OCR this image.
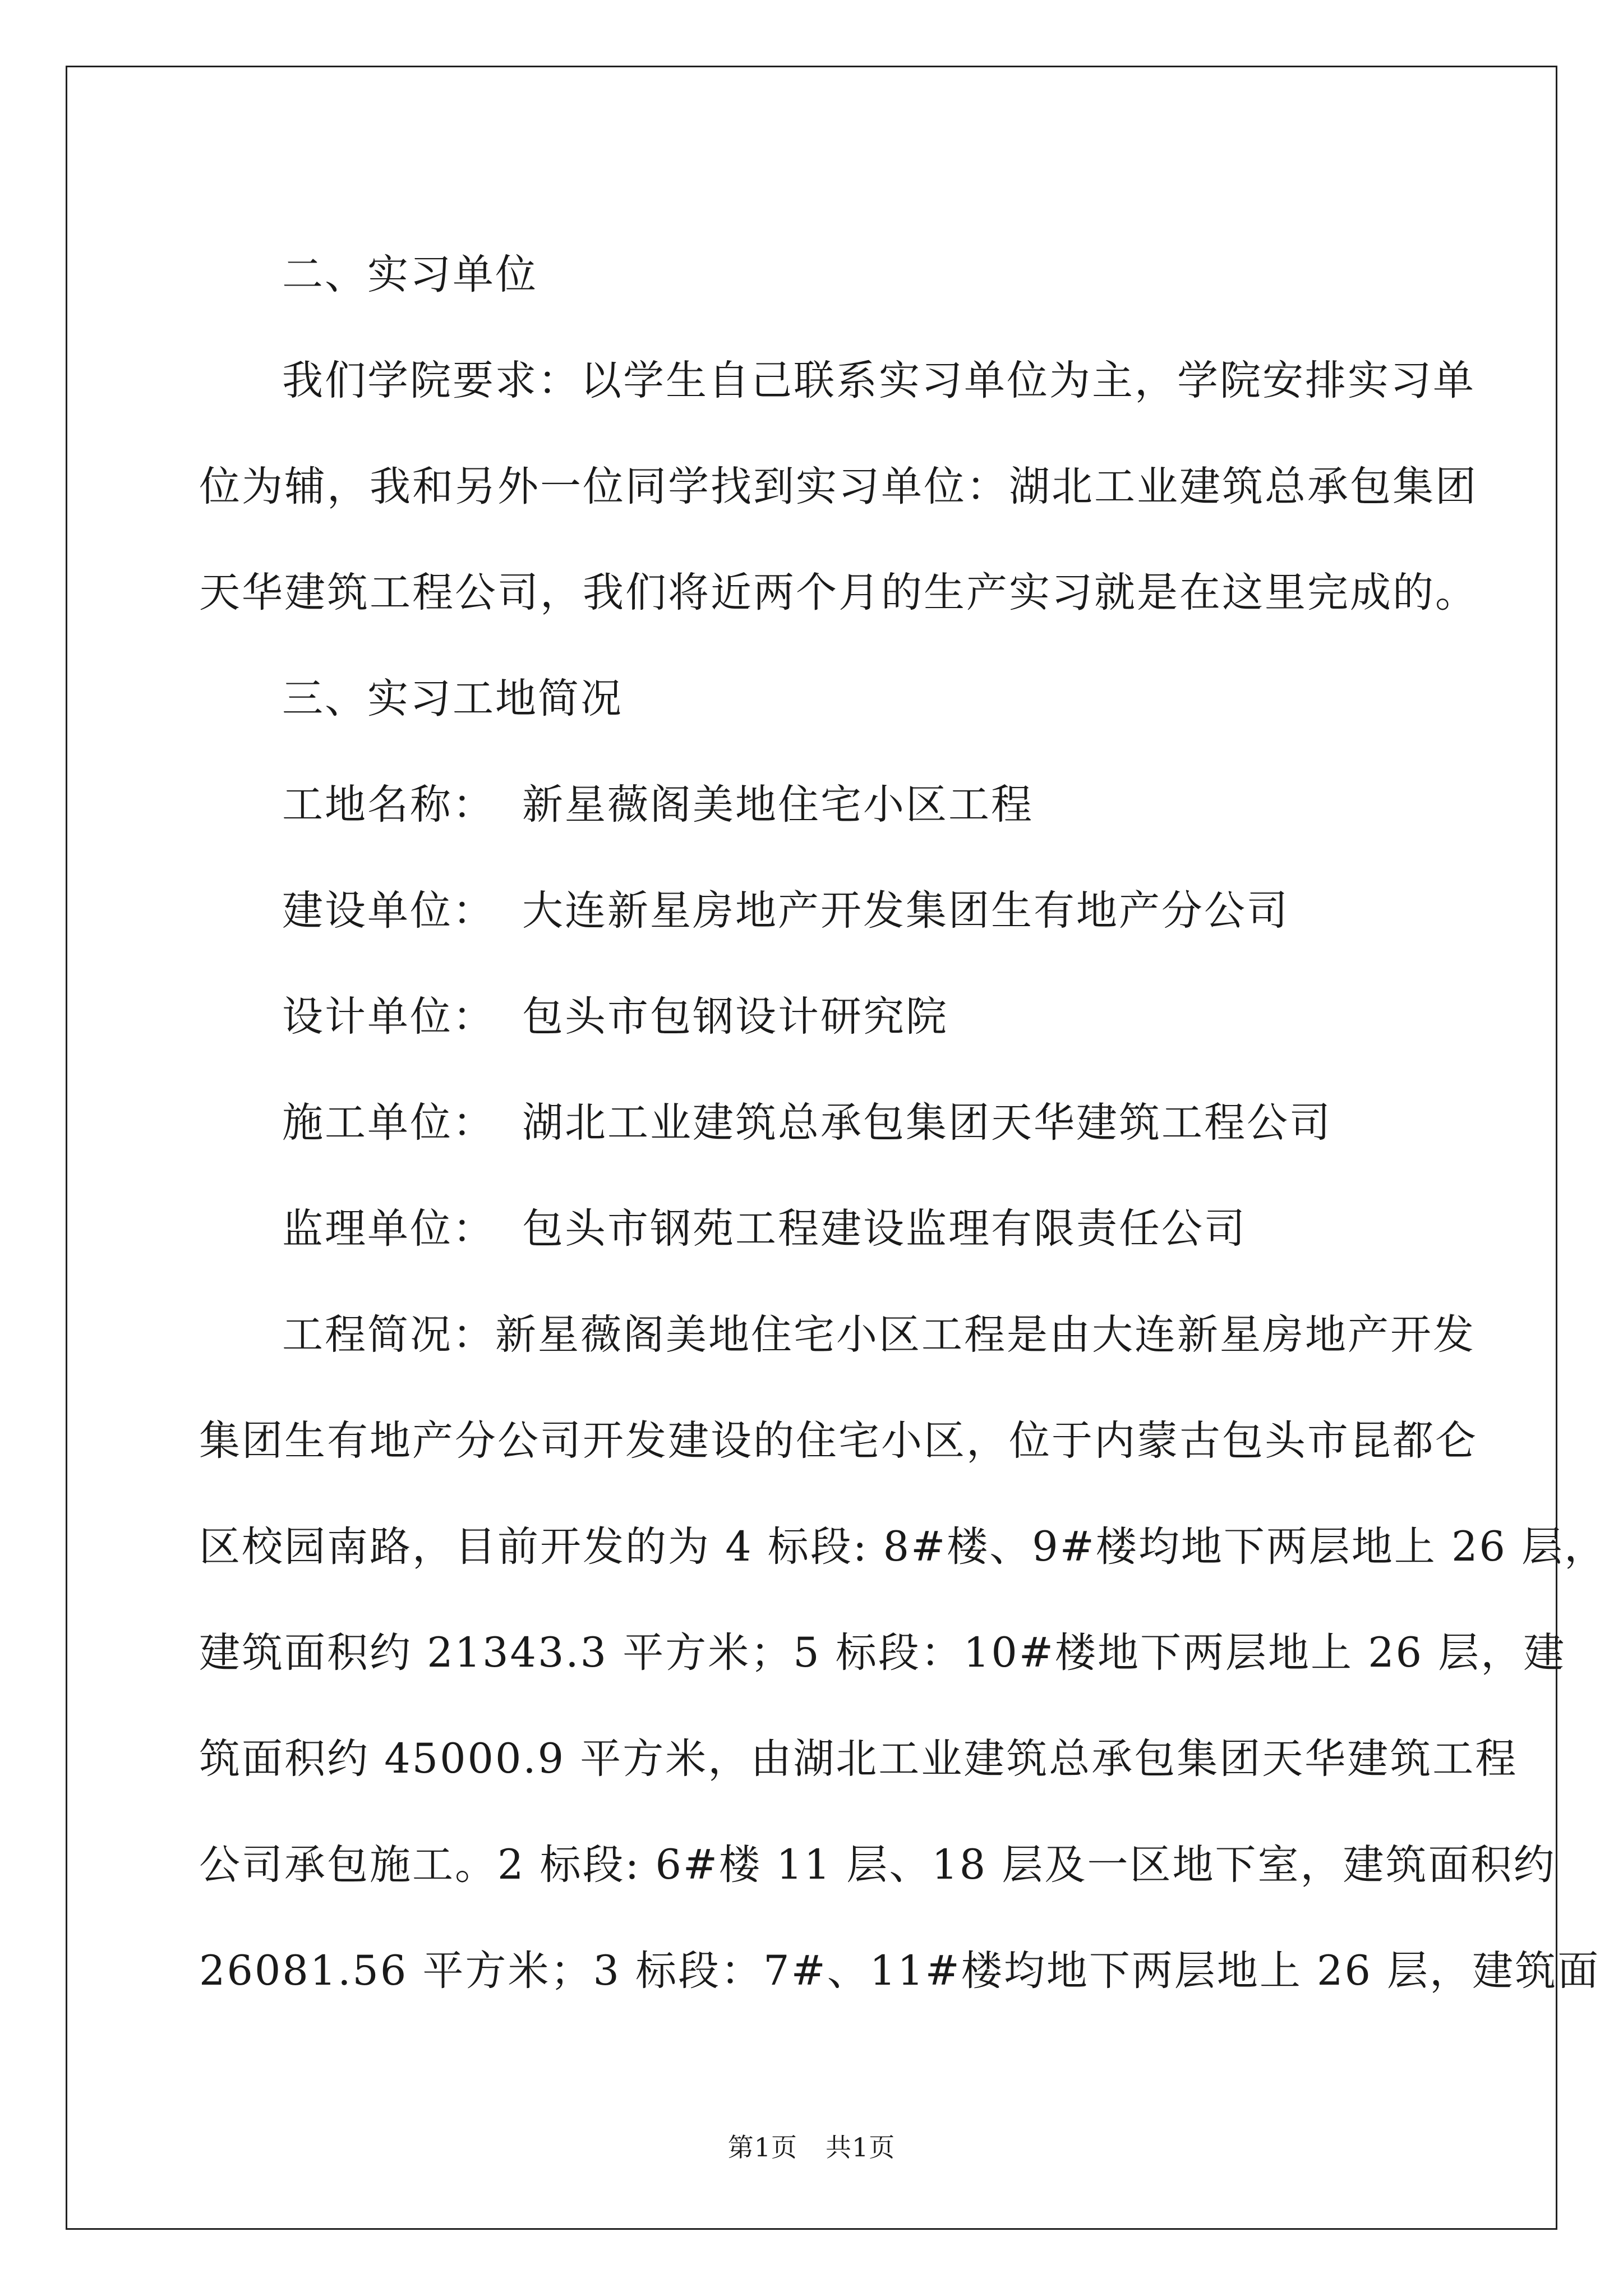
二、实习单位
我们学院要求：以学生自己联系实习单位为主，学院安排实习单
位为辅，我和另外一位同学找到实习单位：湖北工业建筑总承包集团
天华建筑工程公司，我们将近两个月的生产实习就是在这里完成的。
三、实习工地简况
工地名称： 新星薇阁美地住宅小区工程
建设单位： 大连新星房地产开发集团生有地产分公司
设计单位： 包头市包钢设计研究院
施工单位： 湖北工业建筑总承包集团天华建筑工程公司
监理单位： 包头市钢苑工程建设监理有限责任公司
工程简况：新星薇阁美地住宅小区工程是由大连新星房地产开发
集团生有地产分公司开发建设的住宅小区，位于内蒙古包头市昆都仑
区校园南路，目前开发的为 4 标段: 8#楼、9#楼均地下两层地上 26 层，
建筑面积约 21343.3 平方米；5 标段：10#楼地下两层地上 26 层，建
筑面积约 45000.9 平方米，由湖北工业建筑总承包集团天华建筑工程
公司承包施工。2 标段: 6#楼 11 层、18 层及一区地下室，建筑面积约
26081.56 平方米；3 标段：7#、11#楼均地下两层地上 26 层，建筑面
第1页 共1页
